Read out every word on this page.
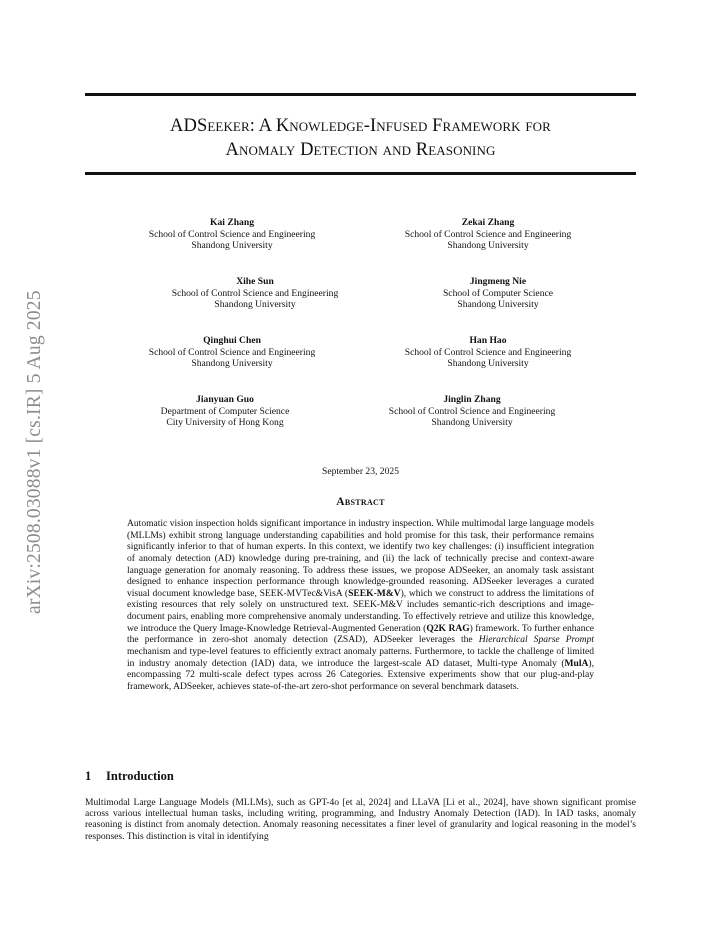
arXiv:2508.03088v1 [cs.IR] 5 Aug 2025
ADSeeker: A Knowledge-Infused Framework for
Anomaly Detection and Reasoning
Kai Zhang
School of Control Science and Engineering
Shandong University
Zekai Zhang
School of Control Science and Engineering
Shandong University
Xihe Sun
School of Control Science and Engineering
Shandong University
Jingmeng Nie
School of Computer Science
Shandong University
Qinghui Chen
School of Control Science and Engineering
Shandong University
Han Hao
School of Control Science and Engineering
Shandong University
Jianyuan Guo
Department of Computer Science
City University of Hong Kong
Jinglin Zhang
School of Control Science and Engineering
Shandong University
September 23, 2025
Abstract

Automatic vision inspection holds significant importance in industry inspection. While multimodal large language models (MLLMs) exhibit strong language understanding capabilities and hold promise for this task, their performance remains significantly inferior to that of human experts. In this context, we identify two key challenges: (i) insufficient integration of anomaly detection (AD) knowledge during pre-training, and (ii) the lack of technically precise and context-aware language generation for anomaly reasoning. To address these issues, we propose ADSeeker, an anomaly task assistant designed to enhance inspection performance through knowledge-grounded reasoning. ADSeeker leverages a curated visual document knowledge base, SEEK-MVTec&VisA (SEEK-M&V), which we construct to address the limitations of existing resources that rely solely on unstructured text. SEEK-M&V includes semantic-rich descriptions and image-document pairs, enabling more comprehensive anomaly understanding. To effectively retrieve and utilize this knowledge, we introduce the Query Image-Knowledge Retrieval-Augmented Generation (Q2K RAG) framework. To further enhance the performance in zero-shot anomaly detection (ZSAD), ADSeeker leverages the Hierarchical Sparse Prompt mechanism and type-level features to efficiently extract anomaly patterns. Furthermore, to tackle the challenge of limited in industry anomaly detection (IAD) data, we introduce the largest-scale AD dataset, Multi-type Anomaly (MulA), encompassing 72 multi-scale defect types across 26 Categories. Extensive experiments show that our plug-and-play framework, ADSeeker, achieves state-of-the-art zero-shot performance on several benchmark datasets.

1 Introduction

Multimodal Large Language Models (MLLMs), such as GPT-4o [et al, 2024] and LLaVA [Li et al., 2024], have shown significant promise across various intellectual human tasks, including writing, programming, and Industry Anomaly Detection (IAD). In IAD tasks, anomaly reasoning is distinct from anomaly detection. Anomaly reasoning necessitates a finer level of granularity and logical reasoning in the model’s responses. This distinction is vital in identifying
